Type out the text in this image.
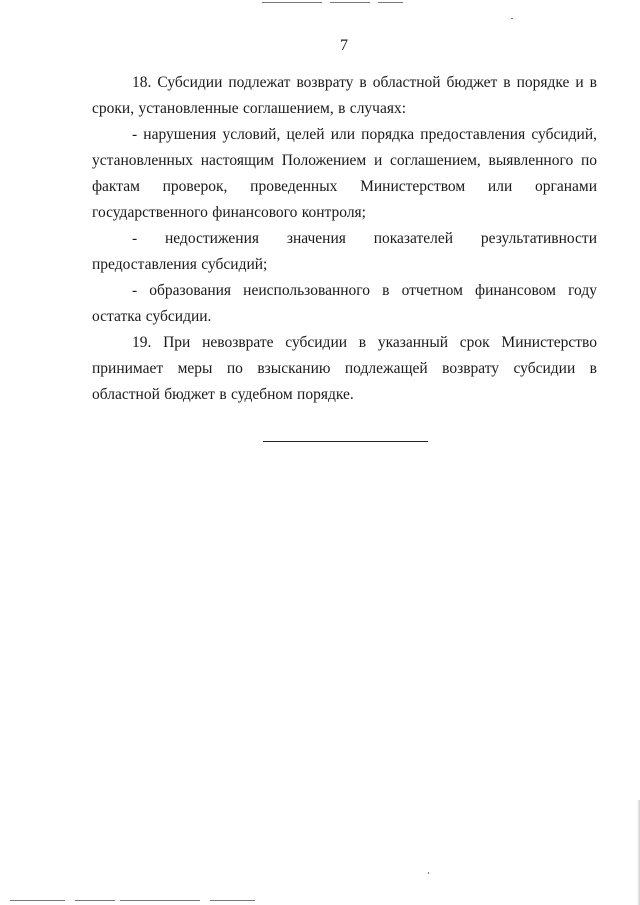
7

18. Субсидии подлежат возврату в областной бюджет в порядке и в сроки, установленные соглашением, в случаях:

- нарушения условий, целей или порядка предоставления субсидий, установленных настоящим Положением и соглашением, выявленного по фактам проверок, проведенных Министерством или органами государственного финансового контроля;

- недостижения значения показателей результативности предоставления субсидий;

- образования неиспользованного в отчетном финансовом году остатка субсидии.

19. При невозврате субсидии в указанный срок Министерство принимает меры по взысканию подлежащей возврату субсидии в областной бюджет в судебном порядке.
